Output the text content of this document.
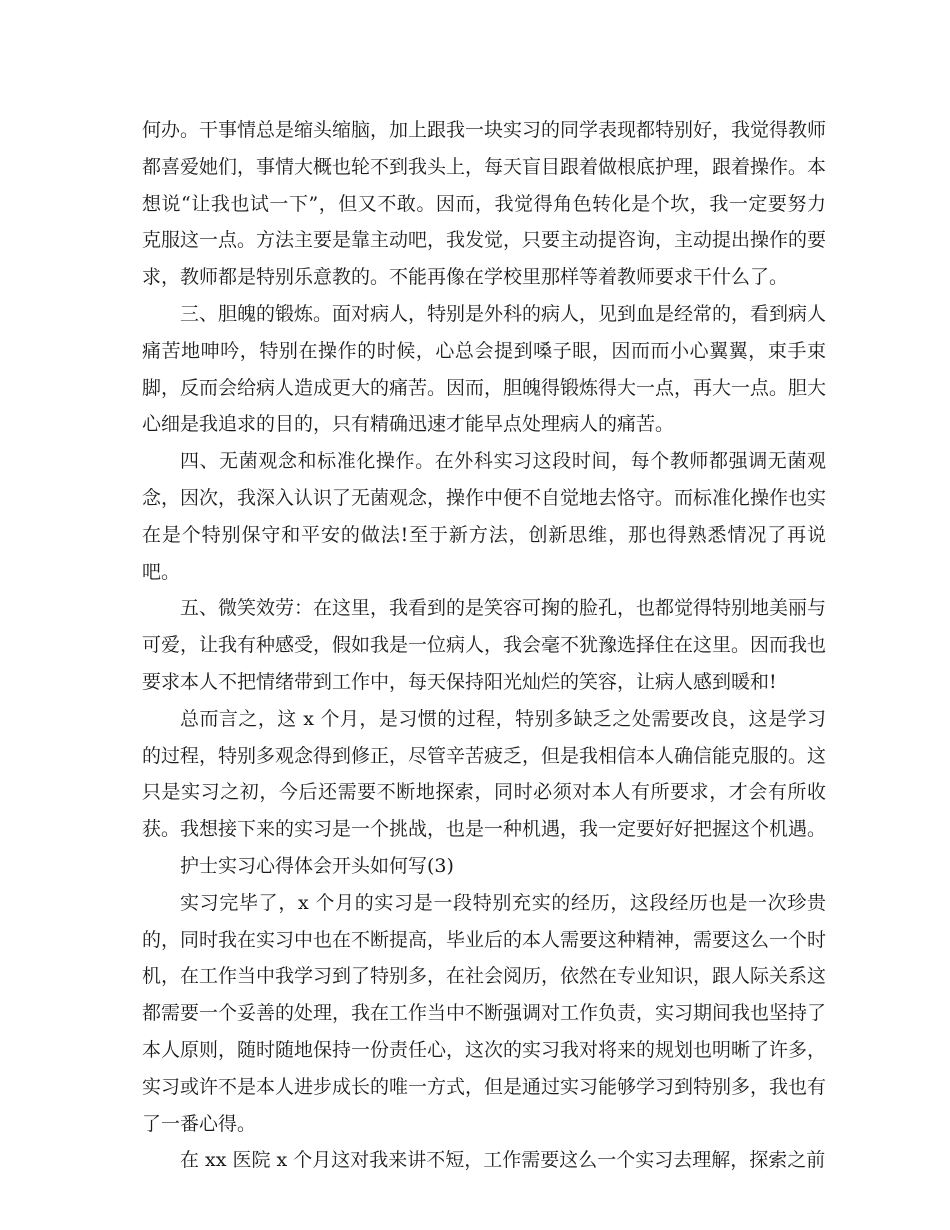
何办。干事情总是缩头缩脑，加上跟我一块实习的同学表现都特别好，我觉得教师都喜爱她们，事情大概也轮不到我头上，每天盲目跟着做根底护理，跟着操作。本想说“让我也试一下”，但又不敢。因而，我觉得角色转化是个坎，我一定要努力克服这一点。方法主要是靠主动吧，我发觉，只要主动提咨询，主动提出操作的要求，教师都是特别乐意教的。不能再像在学校里那样等着教师要求干什么了。

三、胆魄的锻炼。面对病人，特别是外科的病人，见到血是经常的，看到病人痛苦地呻吟，特别在操作的时候，心总会提到嗓子眼，因而而小心翼翼，束手束脚，反而会给病人造成更大的痛苦。因而，胆魄得锻炼得大一点，再大一点。胆大心细是我追求的目的，只有精确迅速才能早点处理病人的痛苦。

四、无菌观念和标准化操作。在外科实习这段时间，每个教师都强调无菌观念，因次，我深入认识了无菌观念，操作中便不自觉地去恪守。而标准化操作也实在是个特别保守和平安的做法!至于新方法，创新思维，那也得熟悉情况了再说吧。

五、微笑效劳：在这里，我看到的是笑容可掬的脸孔，也都觉得特别地美丽与可爱，让我有种感受，假如我是一位病人，我会毫不犹豫选择住在这里。因而我也要求本人不把情绪带到工作中，每天保持阳光灿烂的笑容，让病人感到暖和!

总而言之，这 x 个月，是习惯的过程，特别多缺乏之处需要改良，这是学习的过程，特别多观念得到修正，尽管辛苦疲乏，但是我相信本人确信能克服的。这只是实习之初，今后还需要不断地探索，同时必须对本人有所要求，才会有所收获。我想接下来的实习是一个挑战，也是一种机遇，我一定要好好把握这个机遇。

护士实习心得体会开头如何写(3)

实习完毕了，x 个月的实习是一段特别充实的经历，这段经历也是一次珍贵的，同时我在实习中也在不断提高，毕业后的本人需要这种精神，需要这么一个时机，在工作当中我学习到了特别多，在社会阅历，依然在专业知识，跟人际关系这都需要一个妥善的处理，我在工作当中不断强调对工作负责，实习期间我也坚持了本人原则，随时随地保持一份责任心，这次的实习我对将来的规划也明晰了许多，实习或许不是本人进步成长的唯一方式，但是通过实习能够学习到特别多，我也有了一番心得。

在 xx 医院 x 个月这对我来讲不短，工作需要这么一个实习去理解，探索之前
